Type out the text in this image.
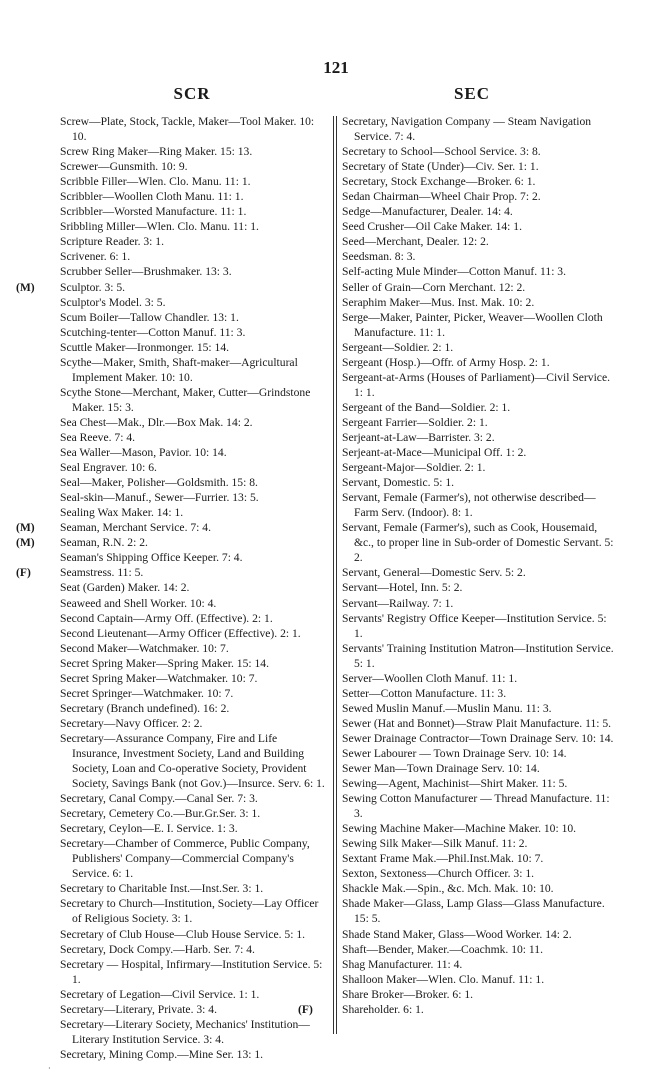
121
SCR	SEC
Screw—Plate, Stock, Tackle, Maker—Tool Maker. 10: 10.
Screw Ring Maker—Ring Maker. 15: 13.
Screwer—Gunsmith. 10: 9.
Scribble Filler—Wlen. Clo. Manu. 11: 1.
Scribbler—Woollen Cloth Manu. 11: 1.
Scribbler—Worsted Manufacture. 11: 1.
Sribbling Miller—Wlen. Clo. Manu. 11: 1.
Scripture Reader. 3: 1.
Scrivener. 6: 1.
Scrubber Seller—Brushmaker. 13: 3.
(M) Sculptor. 3: 5.
Sculptor's Model. 3: 5.
Scum Boiler—Tallow Chandler. 13: 1.
Scutching-tenter—Cotton Manuf. 11: 3.
Scuttle Maker—Ironmonger. 15: 14.
Scythe—Maker, Smith, Shaft-maker—Agricultural Implement Maker. 10: 10.
Scythe Stone—Merchant, Maker, Cutter—Grindstone Maker. 15: 3.
Sea Chest—Mak., Dlr.—Box Mak. 14: 2.
Sea Reeve. 7: 4.
Sea Waller—Mason, Pavior. 10: 14.
Seal Engraver. 10: 6.
Seal—Maker, Polisher—Goldsmith. 15: 8.
Seal-skin—Manuf., Sewer—Furrier. 13: 5.
Sealing Wax Maker. 14: 1.
(M) Seaman, Merchant Service. 7: 4.
(M) Seaman, R.N. 2: 2.
Seaman's Shipping Office Keeper. 7: 4.
(F)	Seamstress. 11: 5.
Seat (Garden) Maker. 14: 2.
Seaweed and Shell Worker. 10: 4.
Second Captain—Army Off. (Effective). 2: 1.
Second Lieutenant—Army Officer (Effective). 2: 1.
Second Maker—Watchmaker. 10: 7.
Secret Spring Maker—Spring Maker. 15: 14.
Secret Spring Maker—Watchmaker. 10: 7.
Secret Springer—Watchmaker. 10: 7.
Secretary (Branch undefined). 16: 2.
Secretary—Navy Officer. 2: 2.
Secretary—Assurance Company, Fire and Life Insurance, Investment Society, Land and Building Society, Loan and Co-operative Society, Provident Society, Savings Bank (not Gov.)—Insurce. Serv. 6: 1.
Secretary, Canal Compy.—Canal Ser. 7: 3.
Secretary, Cemetery Co.—Bur.Gr.Ser. 3: 1.
Secretary, Ceylon—E. I. Service. 1: 3.
Secretary—Chamber of Commerce, Public Company, Publishers' Company—Commercial Company's Service. 6: 1.
Secretary to Charitable Inst.—Inst.Ser. 3: 1.
Secretary to Church—Institution, Society—Lay Officer of Religious Society. 3: 1.
Secretary of Club House—Club House Service. 5: 1.
Secretary, Dock Compy.—Harb. Ser. 7: 4.
Secretary — Hospital, Infirmary—Institution Service. 5: 1.
Secretary of Legation—Civil Service. 1: 1.
Secretary—Literary, Private. 3: 4.
Secretary—Literary Society, Mechanics' Institution—Literary Institution Service. 3: 4.
Secretary, Mining Comp.—Mine Ser. 13: 1.
Secretary, Navigation Company — Steam Navigation Service. 7: 4.
Secretary to School—School Service. 3: 8.
Secretary of State (Under)—Civ. Ser. 1: 1.
Secretary, Stock Exchange—Broker. 6: 1.
Sedan Chairman—Wheel Chair Prop. 7: 2.
Sedge—Manufacturer, Dealer. 14: 4.
Seed Crusher—Oil Cake Maker. 14: 1.
Seed—Merchant, Dealer. 12: 2.
Seedsman. 8: 3.
Self-acting Mule Minder—Cotton Manuf. 11: 3.
Seller of Grain—Corn Merchant. 12: 2.
Seraphim Maker—Mus. Inst. Mak. 10: 2.
Serge—Maker, Painter, Picker, Weaver—Woollen Cloth Manufacture. 11: 1.
Sergeant—Soldier. 2: 1.
Sergeant (Hosp.)—Offr. of Army Hosp. 2: 1.
Sergeant-at-Arms (Houses of Parliament)—Civil Service. 1: 1.
Sergeant of the Band—Soldier. 2: 1.
Sergeant Farrier—Soldier. 2: 1.
Serjeant-at-Law—Barrister. 3: 2.
Serjeant-at-Mace—Municipal Off. 1: 2.
Sergeant-Major—Soldier. 2: 1.
Servant, Domestic. 5: 1.
Servant, Female (Farmer's), not otherwise described—Farm Serv. (Indoor). 8: 1.
Servant, Female (Farmer's), such as Cook, Housemaid, &c., to proper line in Sub-order of Domestic Servant. 5: 2.
Servant, General—Domestic Serv. 5: 2.
Servant—Hotel, Inn. 5: 2.
Servant—Railway. 7: 1.
Servants' Registry Office Keeper—Institution Service. 5: 1.
Servants' Training Institution Matron—Institution Service. 5: 1.
Server—Woollen Cloth Manuf. 11: 1.
Setter—Cotton Manufacture. 11: 3.
Sewed Muslin Manuf.—Muslin Manu. 11: 3.
Sewer (Hat and Bonnet)—Straw Plait Manufacture. 11: 5.
Sewer Drainage Contractor—Town Drainage Serv. 10: 14.
Sewer Labourer — Town Drainage Serv. 10: 14.
Sewer Man—Town Drainage Serv. 10: 14.
Sewing—Agent, Machinist—Shirt Maker. 11: 5.
Sewing Cotton Manufacturer — Thread Manufacture. 11: 3.
Sewing Machine Maker—Machine Maker. 10: 10.
Sewing Silk Maker—Silk Manuf. 11: 2.
Sextant Frame Mak.—Phil.Inst.Mak. 10: 7.
Sexton, Sextoness—Church Officer. 3: 1.
Shackle Mak.—Spin., &c. Mch. Mak. 10: 10.
Shade Maker—Glass, Lamp Glass—Glass Manufacture. 15: 5.
Shade Stand Maker, Glass—Wood Worker. 14: 2.
Shaft—Bender, Maker.—Coachmk. 10: 11.
Shag Manufacturer. 11: 4.
Shalloon Maker—Wlen. Clo. Manuf. 11: 1.
Share Broker—Broker. 6: 1.
(F)	Shareholder. 6: 1.
·
